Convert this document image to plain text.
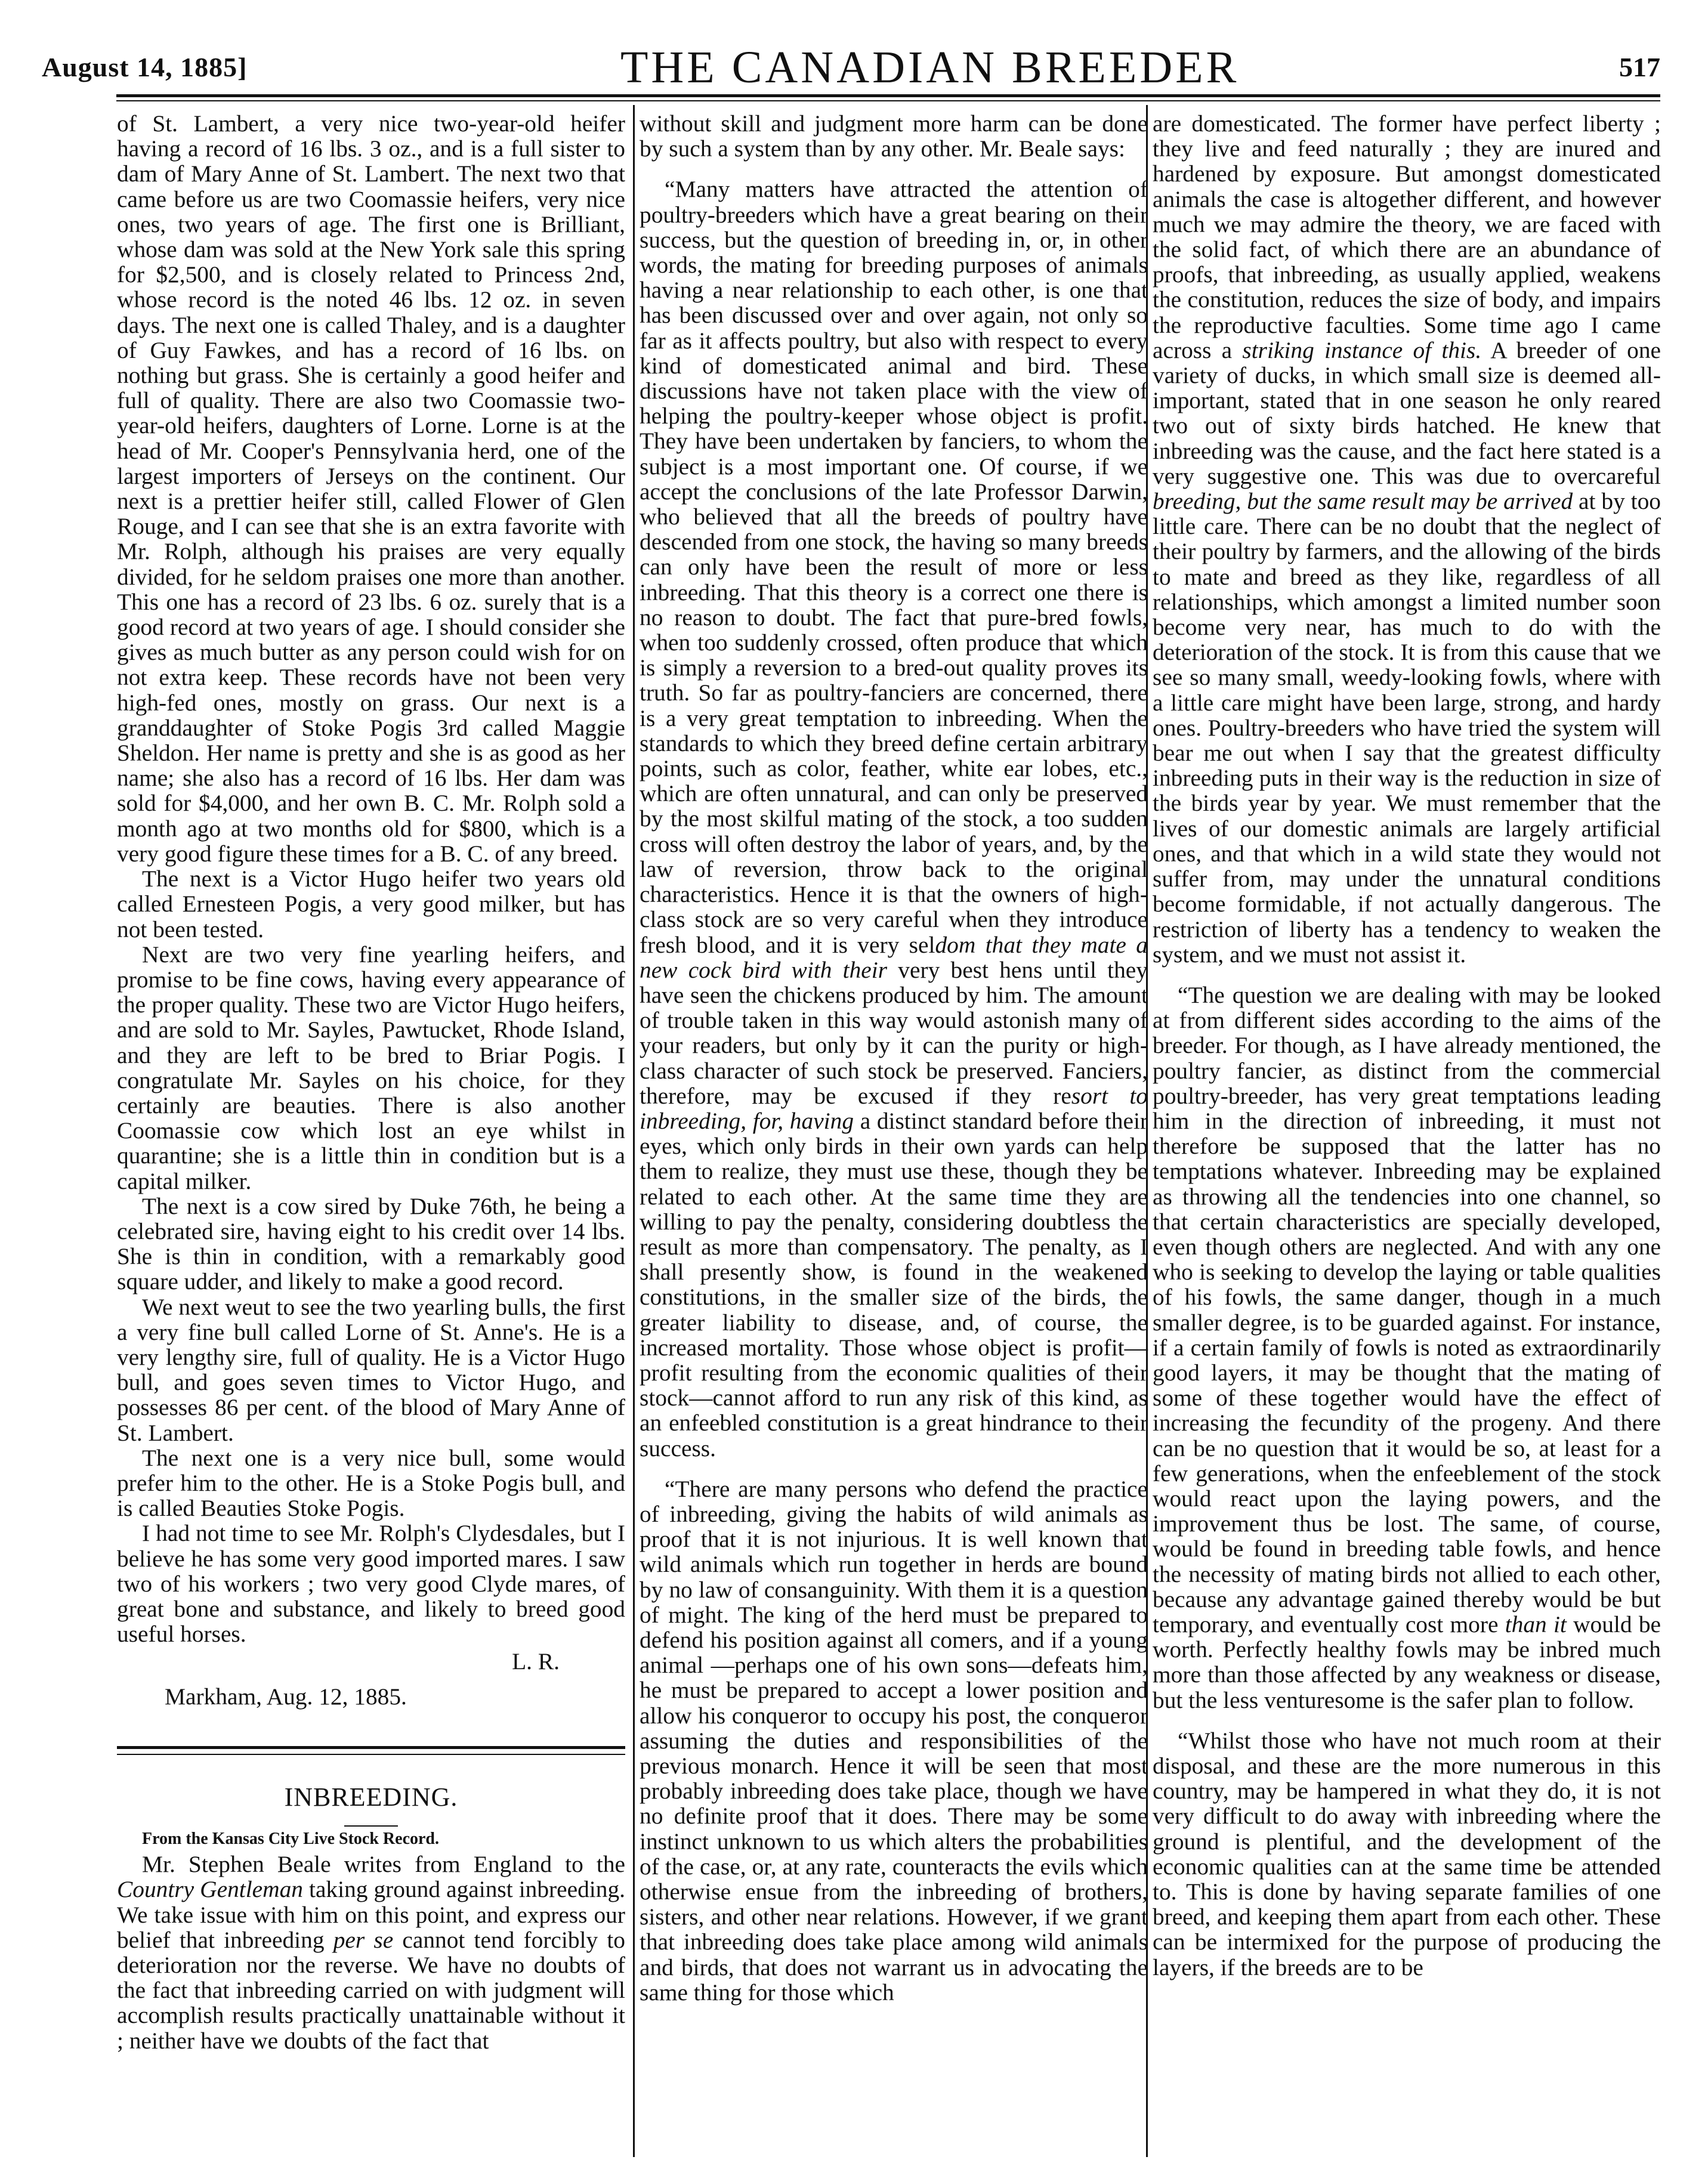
August 14, 1885]	THE CANADIAN BREEDER	517

of St. Lambert, a very nice two-year-old heifer having a record of 16 lbs. 3 oz., and is a full sister to dam of Mary Anne of St. Lambert. The next two that came before us are two Coomassie heifers, very nice ones, two years of age. The first one is Brilliant, whose dam was sold at the New York sale this spring for $2,500, and is closely related to Princess 2nd, whose record is the noted 46 lbs. 12 oz. in seven days. The next one is called Thaley, and is a daughter of Guy Fawkes, and has a record of 16 lbs. on nothing but grass. She is certainly a good heifer and full of quality. There are also two Coomassie two-year-old heifers, daughters of Lorne. Lorne is at the head of Mr. Cooper's Pennsylvania herd, one of the largest importers of Jerseys on the continent. Our next is a prettier heifer still, called Flower of Glen Rouge, and I can see that she is an extra favorite with Mr. Rolph, although his praises are very equally divided, for he seldom praises one more than another. This one has a record of 23 lbs. 6 oz. surely that is a good record at two years of age. I should consider she gives as much butter as any person could wish for on not extra keep. These records have not been very high-fed ones, mostly on grass. Our next is a granddaughter of Stoke Pogis 3rd called Maggie Sheldon. Her name is pretty and she is as good as her name; she also has a record of 16 lbs. Her dam was sold for $4,000, and her own B. C. Mr. Rolph sold a month ago at two months old for $800, which is a very good figure these times for a B. C. of any breed.

The next is a Victor Hugo heifer two years old called Ernesteen Pogis, a very good milker, but has not been tested.

Next are two very fine yearling heifers, and promise to be fine cows, having every appearance of the proper quality. These two are Victor Hugo heifers, and are sold to Mr. Sayles, Pawtucket, Rhode Island, and they are left to be bred to Briar Pogis. I congratulate Mr. Sayles on his choice, for they certainly are beauties. There is also another Coomassie cow which lost an eye whilst in quarantine; she is a little thin in condition but is a capital milker.

The next is a cow sired by Duke 76th, he being a celebrated sire, having eight to his credit over 14 lbs. She is thin in condition, with a remarkably good square udder, and likely to make a good record.

We next weut to see the two yearling bulls, the first a very fine bull called Lorne of St. Anne's. He is a very lengthy sire, full of quality. He is a Victor Hugo bull, and goes seven times to Victor Hugo, and possesses 86 per cent. of the blood of Mary Anne of St. Lambert.

The next one is a very nice bull, some would prefer him to the other. He is a Stoke Pogis bull, and is called Beauties Stoke Pogis.

I had not time to see Mr. Rolph's Clydesdales, but I believe he has some very good imported mares. I saw two of his workers ; two very good Clyde mares, of great bone and substance, and likely to breed good useful horses.

L. R.
Markham, Aug. 12, 1885.
INBREEDING.

From the Kansas City Live Stock Record.

Mr. Stephen Beale writes from England to the Country Gentleman taking ground against inbreeding. We take issue with him on this point, and express our belief that inbreeding per se cannot tend forcibly to deterioration nor the reverse. We have no doubts of the fact that inbreeding carried on with judgment will accomplish results practically unattainable without it ; neither have we doubts of the fact that

without skill and judgment more harm can be done by such a system than by any other. Mr. Beale says:

“Many matters have attracted the attention of poultry-breeders which have a great bearing on their success, but the question of breeding in, or, in other words, the mating for breeding purposes of animals having a near relationship to each other, is one that has been discussed over and over again, not only so far as it affects poultry, but also with respect to every kind of domesticated animal and bird. These discussions have not taken place with the view of helping the poultry-keeper whose object is profit. They have been undertaken by fanciers, to whom the subject is a most important one. Of course, if we accept the conclusions of the late Professor Darwin, who believed that all the breeds of poultry have descended from one stock, the having so many breeds can only have been the result of more or less inbreeding. That this theory is a correct one there is no reason to doubt. The fact that pure-bred fowls, when too suddenly crossed, often produce that which is simply a reversion to a bred-out quality proves its truth. So far as poultry-fanciers are concerned, there is a very great temptation to inbreeding. When the standards to which they breed define certain arbitrary points, such as color, feather, white ear lobes, etc., which are often unnatural, and can only be preserved by the most skilful mating of the stock, a too sudden cross will often destroy the labor of years, and, by the law of reversion, throw back to the original characteristics. Hence it is that the owners of high-class stock are so very careful when they introduce fresh blood, and it is very seldom that they mate a new cock bird with their very best hens until they have seen the chickens produced by him. The amount of trouble taken in this way would astonish many of your readers, but only by it can the purity or high-class character of such stock be preserved. Fanciers, therefore, may be excused if they resort to inbreeding, for, having a distinct standard before their eyes, which only birds in their own yards can help them to realize, they must use these, though they be related to each other. At the same time they are willing to pay the penalty, considering doubtless the result as more than compensatory. The penalty, as I shall presently show, is found in the weakened constitutions, in the smaller size of the birds, the greater liability to disease, and, of course, the increased mortality. Those whose object is profit—profit resulting from the economic qualities of their stock—cannot afford to run any risk of this kind, as an enfeebled constitution is a great hindrance to their success.

“There are many persons who defend the practice of inbreeding, giving the habits of wild animals as proof that it is not injurious. It is well known that wild animals which run together in herds are bound by no law of consanguinity. With them it is a question of might. The king of the herd must be prepared to defend his position against all comers, and if a young animal —perhaps one of his own sons—defeats him, he must be prepared to accept a lower position and allow his conqueror to occupy his post, the conqueror assuming the duties and responsibilities of the previous monarch. Hence it will be seen that most probably inbreeding does take place, though we have no definite proof that it does. There may be some instinct unknown to us which alters the probabilities of the case, or, at any rate, counteracts the evils which otherwise ensue from the inbreeding of brothers, sisters, and other near relations. However, if we grant that inbreeding does take place among wild animals and birds, that does not warrant us in advocating the same thing for those which

are domesticated. The former have perfect liberty ; they live and feed naturally ; they are inured and hardened by exposure. But amongst domesticated animals the case is altogether different, and however much we may admire the theory, we are faced with the solid fact, of which there are an abundance of proofs, that inbreeding, as usually applied, weakens the constitution, reduces the size of body, and impairs the reproductive faculties. Some time ago I came across a striking instance of this. A breeder of one variety of ducks, in which small size is deemed all-important, stated that in one season he only reared two out of sixty birds hatched. He knew that inbreeding was the cause, and the fact here stated is a very suggestive one. This was due to overcareful breeding, but the same result may be arrived at by too little care. There can be no doubt that the neglect of their poultry by farmers, and the allowing of the birds to mate and breed as they like, regardless of all relationships, which amongst a limited number soon become very near, has much to do with the deterioration of the stock. It is from this cause that we see so many small, weedy-looking fowls, where with a little care might have been large, strong, and hardy ones. Poultry-breeders who have tried the system will bear me out when I say that the greatest difficulty inbreeding puts in their way is the reduction in size of the birds year by year. We must remember that the lives of our domestic animals are largely artificial ones, and that which in a wild state they would not suffer from, may under the unnatural conditions become formidable, if not actually dangerous. The restriction of liberty has a tendency to weaken the system, and we must not assist it.

“The question we are dealing with may be looked at from different sides according to the aims of the breeder. For though, as I have already mentioned, the poultry fancier, as distinct from the commercial poultry-breeder, has very great temptations leading him in the direction of inbreeding, it must not therefore be supposed that the latter has no temptations whatever. Inbreeding may be explained as throwing all the tendencies into one channel, so that certain characteristics are specially developed, even though others are neglected. And with any one who is seeking to develop the laying or table qualities of his fowls, the same danger, though in a much smaller degree, is to be guarded against. For instance, if a certain family of fowls is noted as extraordinarily good layers, it may be thought that the mating of some of these together would have the effect of increasing the fecundity of the progeny. And there can be no question that it would be so, at least for a few generations, when the enfeeblement of the stock would react upon the laying powers, and the improvement thus be lost. The same, of course, would be found in breeding table fowls, and hence the necessity of mating birds not allied to each other, because any advantage gained thereby would be but temporary, and eventually cost more than it would be worth. Perfectly healthy fowls may be inbred much more than those affected by any weakness or disease, but the less venturesome is the safer plan to follow.

“Whilst those who have not much room at their disposal, and these are the more numerous in this country, may be hampered in what they do, it is not very difficult to do away with inbreeding where the ground is plentiful, and the development of the economic qualities can at the same time be attended to. This is done by having separate families of one breed, and keeping them apart from each other. These can be intermixed for the purpose of producing the layers, if the breeds are to be
